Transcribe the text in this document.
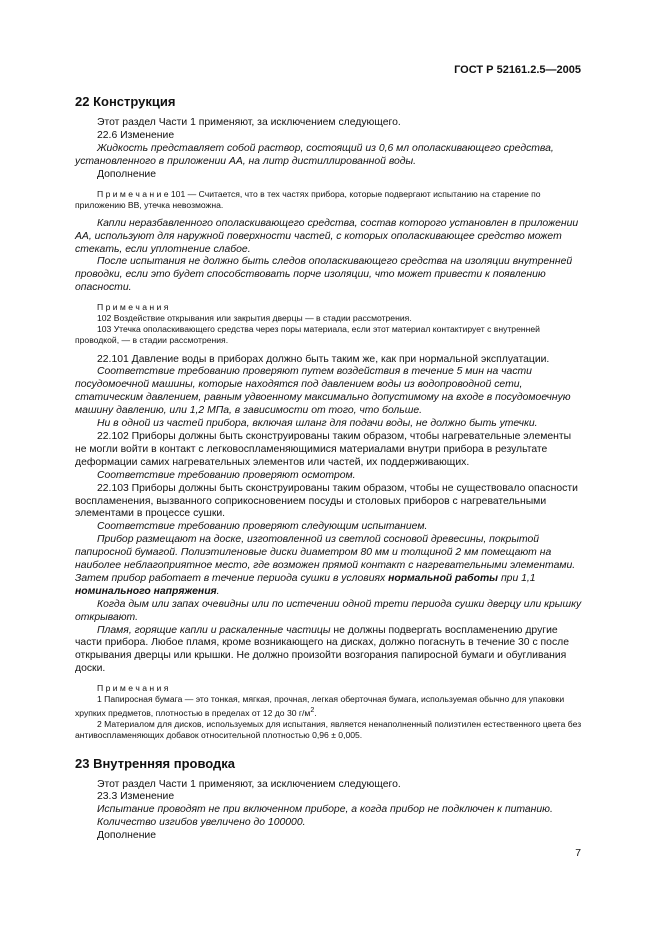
ГОСТ Р 52161.2.5—2005
22 Конструкция

Этот раздел Части 1 применяют, за исключением следующего.

22.6 Изменение

Жидкость представляет собой раствор, состоящий из 0,6 мл ополаскивающего средства, установленного в приложении АА, на литр дистиллированной воды.

Дополнение

П р и м е ч а н и е 101 — Считается, что в тех частях прибора, которые подвергают испытанию на старение по приложению ВВ, утечка невозможна.

Капли неразбавленного ополаскивающего средства, состав которого установлен в приложении АА, используют для наружной поверхности частей, с которых ополаскивающее средство может стекать, если уплотнение слабое.

После испытания не должно быть следов ополаскивающего средства на изоляции внутренней проводки, если это будет способствовать порче изоляции, что может привести к появлению опасности.

П р и м е ч а н и я

102 Воздействие открывания или закрытия дверцы — в стадии рассмотрения.

103 Утечка ополаскивающего средства через поры материала, если этот материал контактирует с внутренней проводкой, — в стадии рассмотрения.

22.101 Давление воды в приборах должно быть таким же, как при нормальной эксплуатации.

Соответствие требованию проверяют путем воздействия в течение 5 мин на части посудомоечной машины, которые находятся под давлением воды из водопроводной сети, статическим давлением, равным удвоенному максимально допустимому на входе в посудомоечную машину давлению, или 1,2 МПа, в зависимости от того, что больше.

Ни в одной из частей прибора, включая шланг для подачи воды, не должно быть утечки.

22.102 Приборы должны быть сконструированы таким образом, чтобы нагревательные элементы не могли войти в контакт с легковоспламеняющимися материалами внутри прибора в результате деформации самих нагревательных элементов или частей, их поддерживающих.

Соответствие требованию проверяют осмотром.

22.103 Приборы должны быть сконструированы таким образом, чтобы не существовало опасности воспламенения, вызванного соприкосновением посуды и столовых приборов с нагревательными элементами в процессе сушки.

Соответствие требованию проверяют следующим испытанием.

Прибор размещают на доске, изготовленной из светлой сосновой древесины, покрытой папиросной бумагой. Полиэтиленовые диски диаметром 80 мм и толщиной 2 мм помещают на наиболее неблагоприятное место, где возможен прямой контакт с нагревательными элементами. Затем прибор работает в течение периода сушки в условиях нормальной работы при 1,1 номинального напряжения.

Когда дым или запах очевидны или по истечении одной трети периода сушки дверцу или крышку открывают.

Пламя, горящие капли и раскаленные частицы не должны подвергать воспламенению другие части прибора. Любое пламя, кроме возникающего на дисках, должно погаснуть в течение 30 с после открывания дверцы или крышки. Не должно произойти возгорания папиросной бумаги и обугливания доски.

П р и м е ч а н и я

1 Папиросная бумага — это тонкая, мягкая, прочная, легкая оберточная бумага, используемая обычно для упаковки хрупких предметов, плотностью в пределах от 12 до 30 $г/м^2$.

2 Материалом для дисков, используемых для испытания, является ненаполненный полиэтилен естественного цвета без антивоспламеняющих добавок относительной плотностью 0,96 ± 0,005.

23 Внутренняя проводка

Этот раздел Части 1 применяют, за исключением следующего.

23.3 Изменение

Испытание проводят не при включенном приборе, а когда прибор не подключен к питанию.

Количество изгибов увеличено до 100000.

Дополнение

7
